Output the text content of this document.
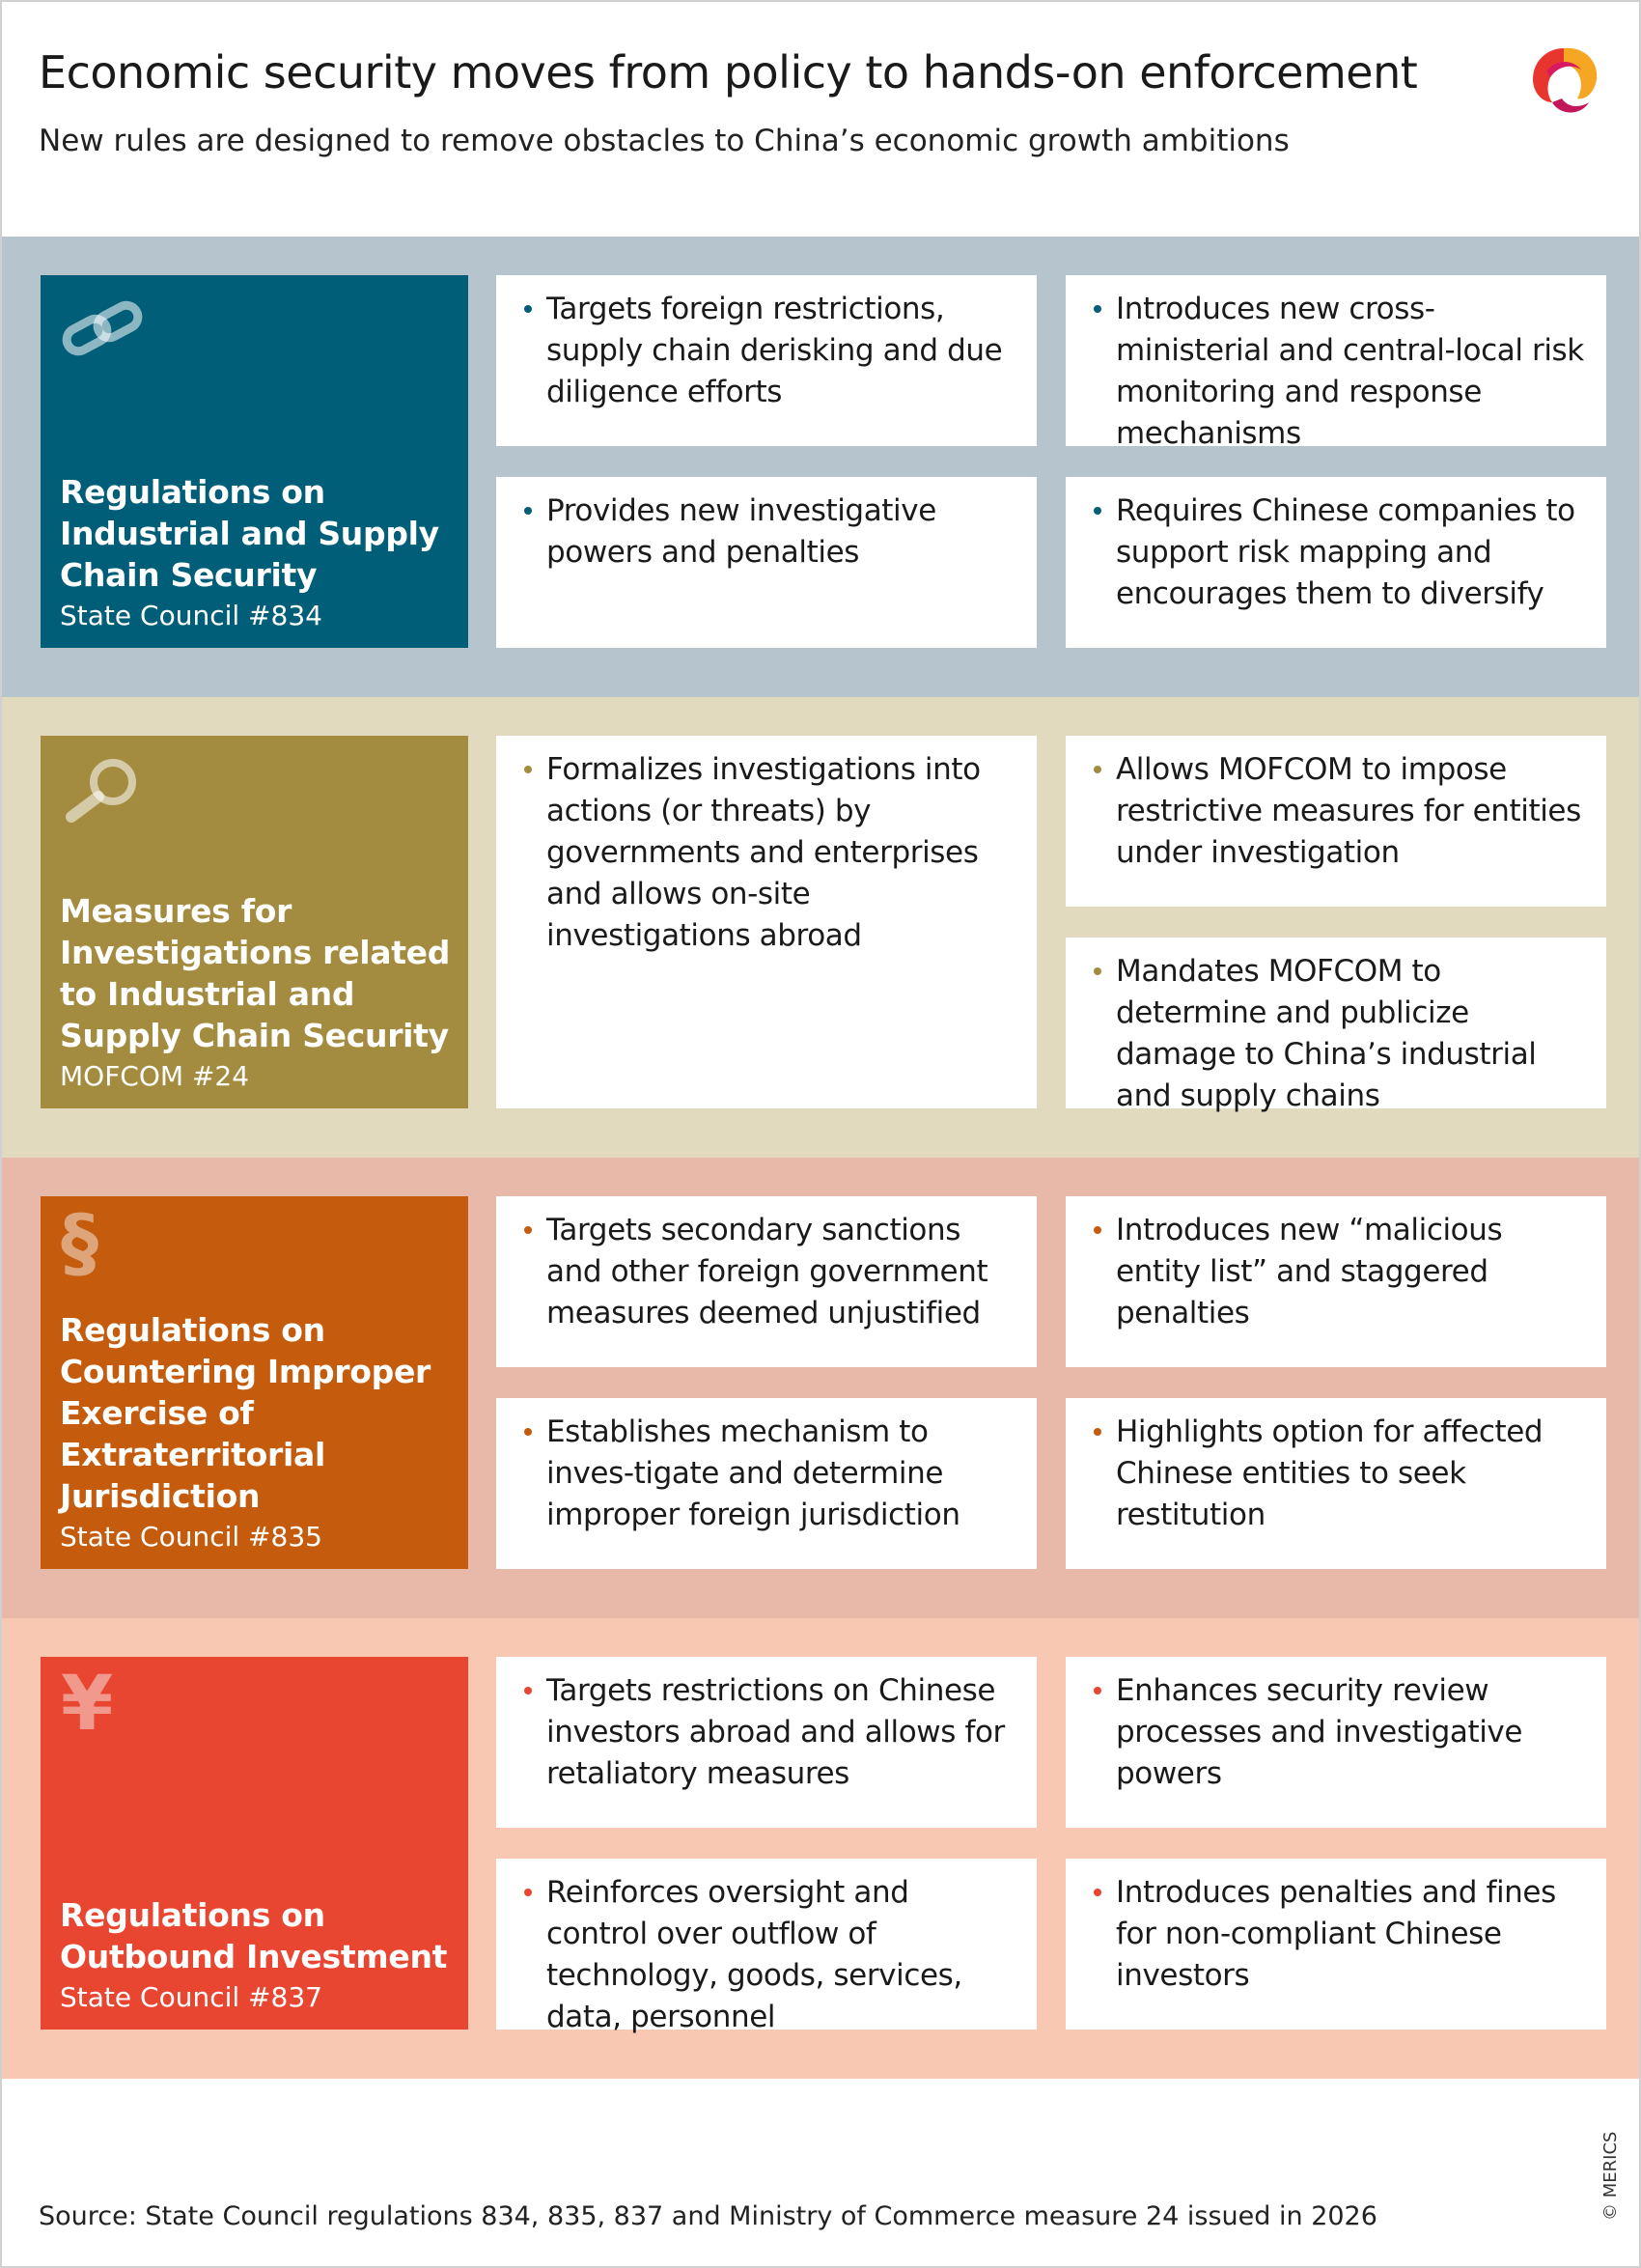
Economic security moves from policy to hands-on enforcement
New rules are designed to remove obstacles to China’s economic growth ambitions
Regulations on Industrial and Supply Chain Security
State Council #834
Targets foreign restrictions, supply chain derisking and due diligence efforts
Introduces new cross-ministerial and central-local risk monitoring and response mechanisms
Provides new investigative powers and penalties
Requires Chinese companies to support risk mapping and encourages them to diversify
Measures for Investigations related to Industrial and Supply Chain Security
MOFCOM #24
Formalizes investigations into actions (or threats) by governments and enterprises and allows on-site investigations abroad
Allows MOFCOM to impose restrictive measures for entities under investigation
Mandates MOFCOM to determine and publicize damage to China’s industrial and supply chains
§
Regulations on Countering Improper Exercise of Extraterritorial Jurisdiction
State Council #835
Targets secondary sanctions and other foreign government measures deemed unjustified
Introduces new “malicious entity list” and staggered penalties
Establishes mechanism to inves-tigate and determine improper foreign jurisdiction
Highlights option for affected Chinese entities to seek restitution
¥
Regulations on Outbound Investment
State Council #837
Targets restrictions on Chinese investors abroad and allows for retaliatory measures
Enhances security review processes and investigative powers
Reinforces oversight and control over outflow of technology, goods, services, data, personnel
Introduces penalties and fines for non-compliant Chinese investors
Source: State Council regulations 834, 835, 837 and Ministry of Commerce measure 24 issued in 2026	© MERICS
